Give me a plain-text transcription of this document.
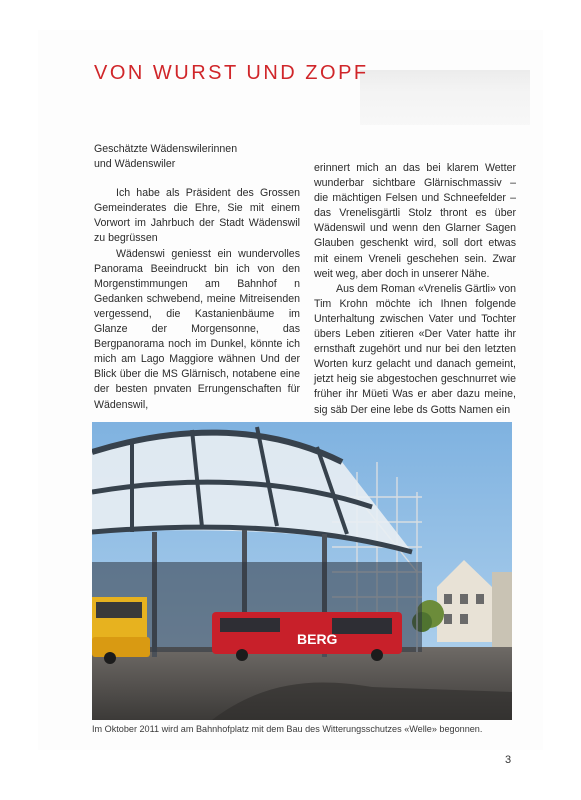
VON WURST UND ZOPF

Geschätzte Wädenswilerinnen

und Wädenswiler

Ich habe als Präsident des Grossen Gemeinderates die Ehre, Sie mit einem Vorwort im Jahrbuch der Stadt Wädenswil zu begrüssen

Wädenswi geniesst ein wundervolles Panorama Beeindruckt bin ich von den Morgenstimmungen am Bahnhof n Gedanken schwebend, meine Mitreisenden vergessend, die Kastanienbäume im Glanze der Morgensonne, das Bergpanorama noch im Dunkel, könnte ich mich am Lago Maggiore wähnen Und der Blick über die MS Glärnisch, notabene eine der besten pnvaten Errungenschaften für Wädenswil,

erinnert mich an das bei klarem Wetter wunderbar sichtbare Glärnischmassiv – die mächtigen Felsen und Schneefelder – das Vrenelisgärtli Stolz thront es über Wädenswil und wenn den Glarner Sagen Glauben geschenkt wird, soll dort etwas mit einem Vreneli geschehen sein. Zwar weit weg, aber doch in unserer Nähe.

Aus dem Roman «Vrenelis Gärtli» von Tim Krohn möchte ich Ihnen folgende Unterhaltung zwischen Vater und Tochter übers Leben zitieren «Der Vater hatte ihr ernsthaft zugehört und nur bei den letzten Worten kurz gelacht und danach gemeint, jetzt heig sie abgestochen geschnurret wie früher ihr Müeti Was er aber dazu meine, sig säb Der eine lebe ds Gotts Namen ein

BERG
Im Oktober 2011 wird am Bahnhofplatz mit dem Bau des Witterungsschutzes «Welle» begonnen.
3
